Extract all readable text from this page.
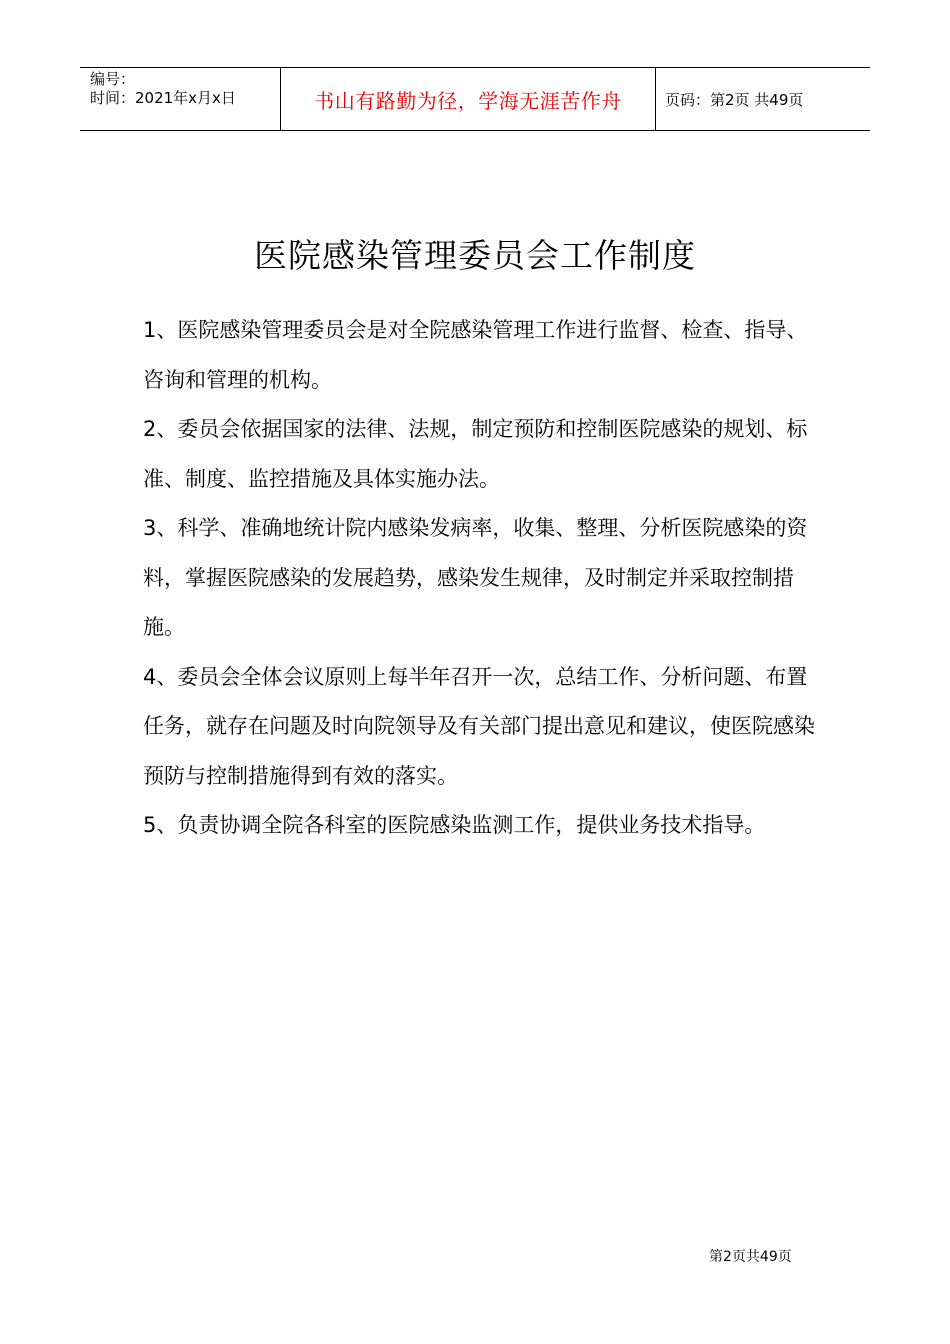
编号：
时间：2021年x月x日	书山有路勤为径，学海无涯苦作舟	页码：第2页 共49页
医院感染管理委员会工作制度

1、医院感染管理委员会是对全院感染管理工作进行监督、检查、指导、咨询和管理的机构。

2、委员会依据国家的法律、法规，制定预防和控制医院感染的规划、标准、制度、监控措施及具体实施办法。

3、科学、准确地统计院内感染发病率，收集、整理、分析医院感染的资料，掌握医院感染的发展趋势，感染发生规律，及时制定并采取控制措施。

4、委员会全体会议原则上每半年召开一次，总结工作、分析问题、布置任务，就存在问题及时向院领导及有关部门提出意见和建议，使医院感染预防与控制措施得到有效的落实。

5、负责协调全院各科室的医院感染监测工作，提供业务技术指导。

第2页共49页
